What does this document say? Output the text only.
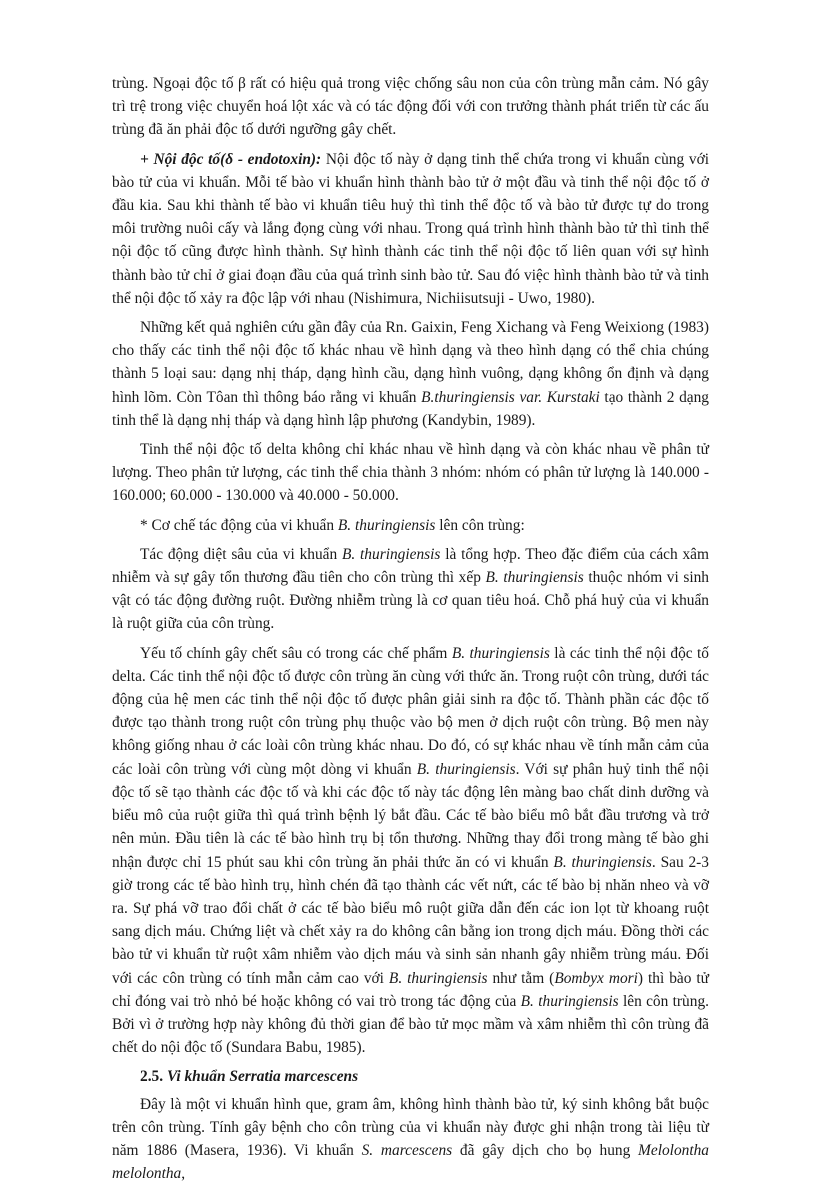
trùng. Ngoại độc tố β rất có hiệu quả trong việc chống sâu non của côn trùng mẫn cảm. Nó gây trì trệ trong việc chuyển hoá lột xác và có tác động đối với con trưởng thành phát triển từ các ấu trùng đã ăn phải độc tố dưới ngưỡng gây chết.

+ Nội độc tố(δ - endotoxin): Nội độc tố này ở dạng tinh thể chứa trong vi khuẩn cùng với bào tử của vi khuẩn. Mỗi tế bào vi khuẩn hình thành bào tử ở một đầu và tinh thể nội độc tố ở đầu kia. Sau khi thành tế bào vi khuẩn tiêu huỷ thì tinh thể độc tố và bào tử được tự do trong môi trường nuôi cấy và lắng đọng cùng với nhau. Trong quá trình hình thành bào tử thì tinh thể nội độc tố cũng được hình thành. Sự hình thành các tinh thể nội độc tố liên quan với sự hình thành bào tử chỉ ở giai đoạn đầu của quá trình sinh bào tử. Sau đó việc hình thành bào tử và tinh thể nội độc tố xảy ra độc lập với nhau (Nishimura, Nichiisutsuji - Uwo, 1980).

Những kết quả nghiên cứu gần đây của Rn. Gaixin, Feng Xichang và Feng Weixiong (1983) cho thấy các tinh thể nội độc tố khác nhau về hình dạng và theo hình dạng có thể chia chúng thành 5 loại sau: dạng nhị tháp, dạng hình cầu, dạng hình vuông, dạng không ổn định và dạng hình lõm. Còn Tôan thì thông báo rằng vi khuẩn B.thuringiensis var. Kurstaki tạo thành 2 dạng tinh thể là dạng nhị tháp và dạng hình lập phương (Kandybin, 1989).

Tinh thể nội độc tố delta không chỉ khác nhau về hình dạng và còn khác nhau về phân tử lượng. Theo phân tử lượng, các tinh thể chia thành 3 nhóm: nhóm có phân tử lượng là 140.000 - 160.000; 60.000 - 130.000 và 40.000 - 50.000.

* Cơ chế tác động của vi khuẩn B. thuringiensis lên côn trùng:

Tác động diệt sâu của vi khuẩn B. thuringiensis là tổng hợp. Theo đặc điểm của cách xâm nhiễm và sự gây tổn thương đầu tiên cho côn trùng thì xếp B. thuringiensis thuộc nhóm vi sinh vật có tác động đường ruột. Đường nhiễm trùng là cơ quan tiêu hoá. Chỗ phá huỷ của vi khuẩn là ruột giữa của côn trùng.

Yếu tố chính gây chết sâu có trong các chế phẩm B. thuringiensis là các tinh thể nội độc tố delta. Các tinh thể nội độc tố được côn trùng ăn cùng với thức ăn. Trong ruột côn trùng, dưới tác động của hệ men các tinh thể nội độc tố được phân giải sinh ra độc tố. Thành phần các độc tố được tạo thành trong ruột côn trùng phụ thuộc vào bộ men ở dịch ruột côn trùng. Bộ men này không giống nhau ở các loài côn trùng khác nhau. Do đó, có sự khác nhau về tính mẫn cảm của các loài côn trùng với cùng một dòng vi khuẩn B. thuringiensis. Với sự phân huỷ tinh thể nội độc tố sẽ tạo thành các độc tố và khi các độc tố này tác động lên màng bao chất dinh dưỡng và biểu mô của ruột giữa thì quá trình bệnh lý bắt đầu. Các tế bào biểu mô bắt đầu trương và trở nên mủn. Đầu tiên là các tế bào hình trụ bị tổn thương. Những thay đổi trong màng tế bào ghi nhận được chỉ 15 phút sau khi côn trùng ăn phải thức ăn có vi khuẩn B. thuringiensis. Sau 2-3 giờ trong các tế bào hình trụ, hình chén đã tạo thành các vết nứt, các tế bào bị nhăn nheo và vỡ ra. Sự phá vỡ trao đổi chất ở các tế bào biểu mô ruột giữa dẫn đến các ion lọt từ khoang ruột sang dịch máu. Chứng liệt và chết xảy ra do không cân bằng ion trong dịch máu. Đồng thời các bào tử vi khuẩn từ ruột xâm nhiễm vào dịch máu và sinh sản nhanh gây nhiễm trùng máu. Đối với các côn trùng có tính mẫn cảm cao với B. thuringiensis như tằm (Bombyx mori) thì bào tử chỉ đóng vai trò nhỏ bé hoặc không có vai trò trong tác động của B. thuringiensis lên côn trùng. Bởi vì ở trường hợp này không đủ thời gian để bào tử mọc mầm và xâm nhiễm thì côn trùng đã chết do nội độc tố (Sundara Babu, 1985).

2.5. Vi khuẩn Serratia marcescens

Đây là một vi khuẩn hình que, gram âm, không hình thành bào tử, ký sinh không bắt buộc trên côn trùng. Tính gây bệnh cho côn trùng của vi khuẩn này được ghi nhận trong tài liệu từ năm 1886 (Masera, 1936). Vi khuẩn S. marcescens đã gây dịch cho bọ hung Melolontha melolontha,
